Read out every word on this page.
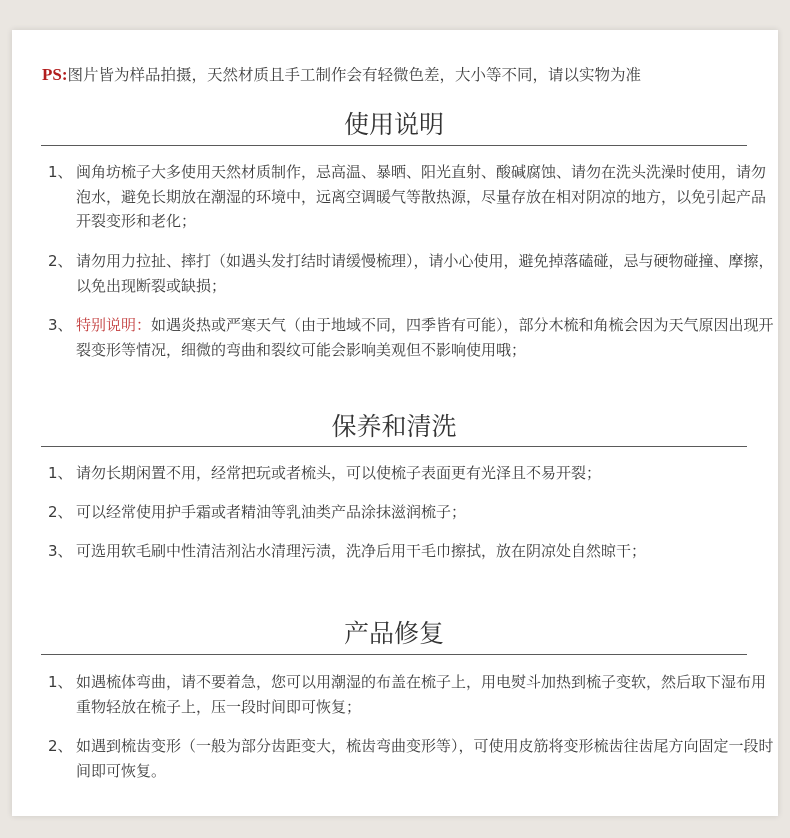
PS:图片皆为样品拍摄，天然材质且手工制作会有轻微色差，大小等不同，请以实物为准
使用说明
1、 闽角坊梳子大多使用天然材质制作，忌高温、暴晒、阳光直射、酸碱腐蚀、请勿在洗头洗澡时使用，请勿泡水，避免长期放在潮湿的环境中，远离空调暖气等散热源，尽量存放在相对阴凉的地方，以免引起产品开裂变形和老化；
2、 请勿用力拉扯、摔打（如遇头发打结时请缓慢梳理），请小心使用，避免掉落磕碰，忌与硬物碰撞、摩擦，以免出现断裂或缺损；
3、 特别说明：如遇炎热或严寒天气（由于地域不同，四季皆有可能），部分木梳和角梳会因为天气原因出现开裂变形等情况，细微的弯曲和裂纹可能会影响美观但不影响使用哦；
保养和清洗
1、 请勿长期闲置不用，经常把玩或者梳头，可以使梳子表面更有光泽且不易开裂；
2、 可以经常使用护手霜或者精油等乳油类产品涂抹滋润梳子；
3、 可选用软毛刷中性清洁剂沾水清理污渍，洗净后用干毛巾擦拭，放在阴凉处自然晾干；
产品修复
1、 如遇梳体弯曲，请不要着急，您可以用潮湿的布盖在梳子上，用电熨斗加热到梳子变软，然后取下湿布用重物轻放在梳子上，压一段时间即可恢复；
2、 如遇到梳齿变形（一般为部分齿距变大，梳齿弯曲变形等），可使用皮筋将变形梳齿往齿尾方向固定一段时间即可恢复。
